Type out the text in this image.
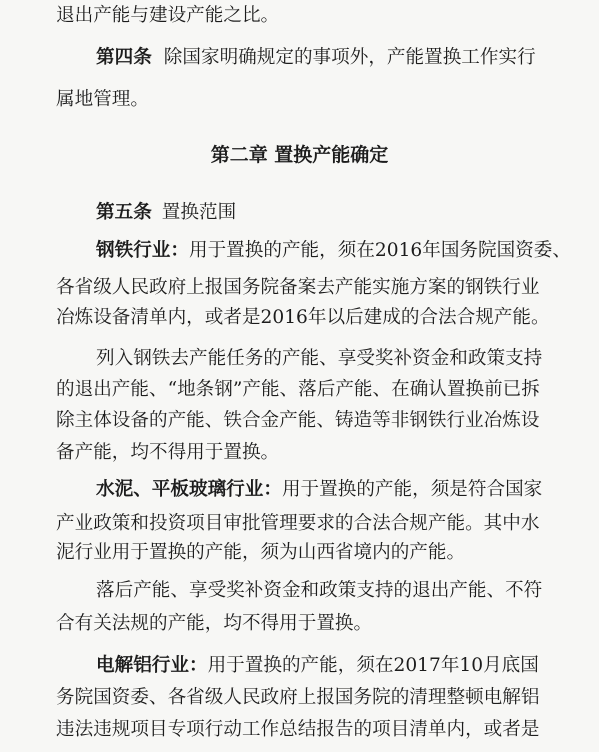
退出产能与建设产能之比。
第四条 除国家明确规定的事项外，产能置换工作实行
属地管理。
第二章 置换产能确定
第五条 置换范围
钢铁行业：用于置换的产能，须在2016年国务院国资委、
各省级人民政府上报国务院备案去产能实施方案的钢铁行业
冶炼设备清单内，或者是2016年以后建成的合法合规产能。
列入钢铁去产能任务的产能、享受奖补资金和政策支持
的退出产能、“地条钢”产能、落后产能、在确认置换前已拆
除主体设备的产能、铁合金产能、铸造等非钢铁行业冶炼设
备产能，均不得用于置换。
水泥、平板玻璃行业：用于置换的产能，须是符合国家
产业政策和投资项目审批管理要求的合法合规产能。其中水
泥行业用于置换的产能，须为山西省境内的产能。
落后产能、享受奖补资金和政策支持的退出产能、不符
合有关法规的产能，均不得用于置换。
电解铝行业：用于置换的产能，须在2017年10月底国
务院国资委、各省级人民政府上报国务院的清理整顿电解铝
违法违规项目专项行动工作总结报告的项目清单内，或者是
